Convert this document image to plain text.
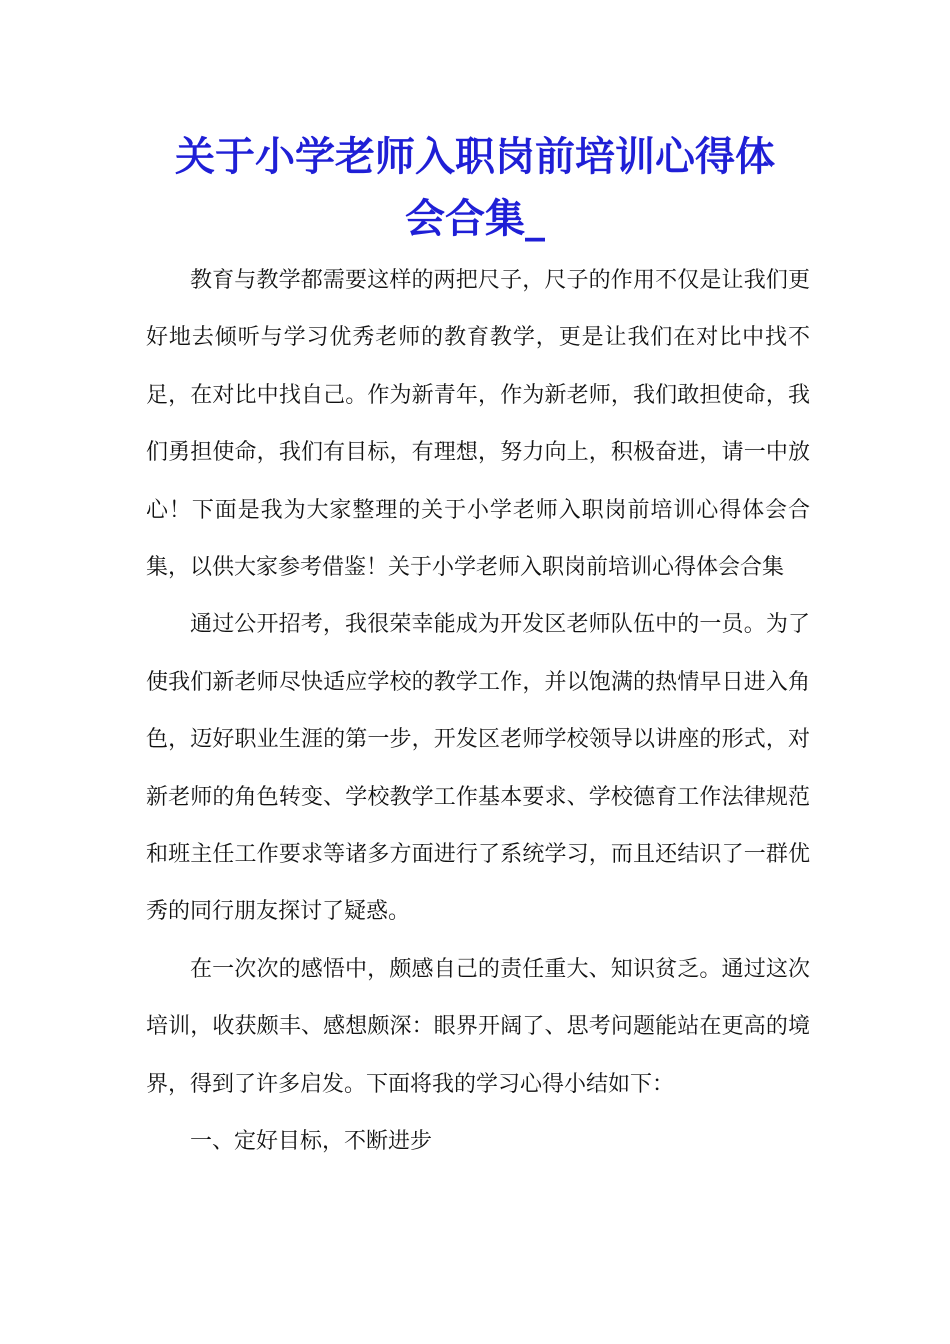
关于小学老师入职岗前培训心得体
会合集_

教育与教学都需要这样的两把尺子，尺子的作用不仅是让我们更好地去倾听与学习优秀老师的教育教学，更是让我们在对比中找不足，在对比中找自己。作为新青年，作为新老师，我们敢担使命，我们勇担使命，我们有目标，有理想，努力向上，积极奋进，请一中放心！下面是我为大家整理的关于小学老师入职岗前培训心得体会合集，以供大家参考借鉴！关于小学老师入职岗前培训心得体会合集

通过公开招考，我很荣幸能成为开发区老师队伍中的一员。为了使我们新老师尽快适应学校的教学工作，并以饱满的热情早日进入角色，迈好职业生涯的第一步，开发区老师学校领导以讲座的形式，对新老师的角色转变、学校教学工作基本要求、学校德育工作法律规范和班主任工作要求等诸多方面进行了系统学习，而且还结识了一群优秀的同行朋友探讨了疑惑。

在一次次的感悟中，颇感自己的责任重大、知识贫乏。通过这次培训，收获颇丰、感想颇深：眼界开阔了、思考问题能站在更高的境界，得到了许多启发。下面将我的学习心得小结如下：

一、定好目标，不断进步
